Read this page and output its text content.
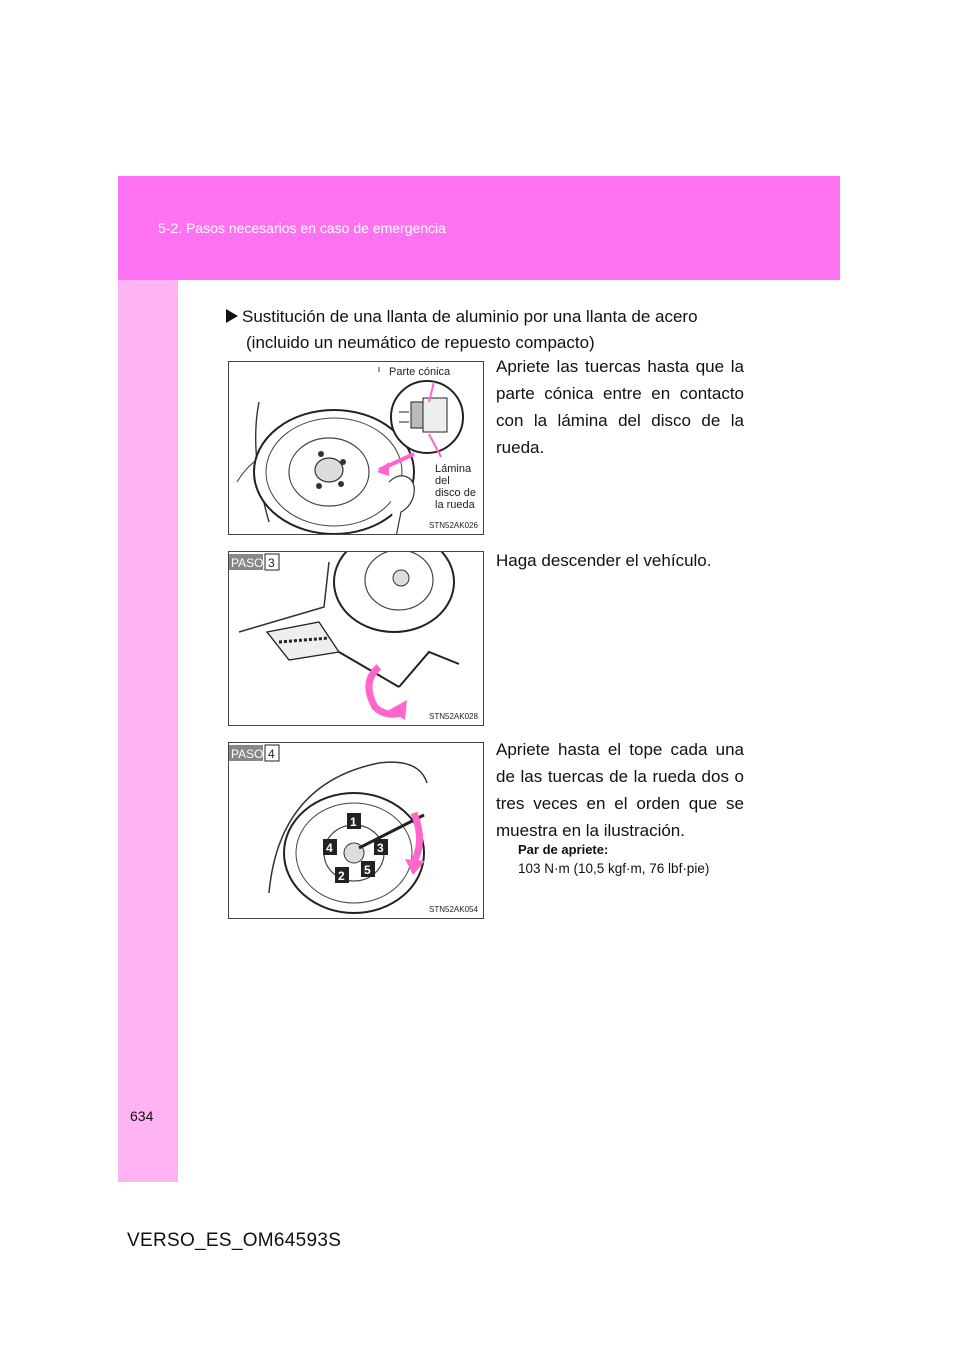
5-2. Pasos necesarios en caso de emergencia
Sustitución de una llanta de aluminio por una llanta de acero
(incluido un neumático de repuesto compacto)
Parte cónica
Lámina
del
disco de
la rueda
STN52AK026
Apriete las tuercas hasta que la parte cónica entre en contacto con la lámina del disco de la rueda.
PASO 3
STN52AK028
Haga descender el vehículo.
PASO 4
1
2
3
4
5
STN52AK054
Apriete hasta el tope cada una de las tuercas de la rueda dos o tres veces en el orden que se muestra en la ilustración.
Par de apriete:
103 N·m (10,5 kgf·m, 76 lbf·pie)
634
VERSO_ES_OM64593S
